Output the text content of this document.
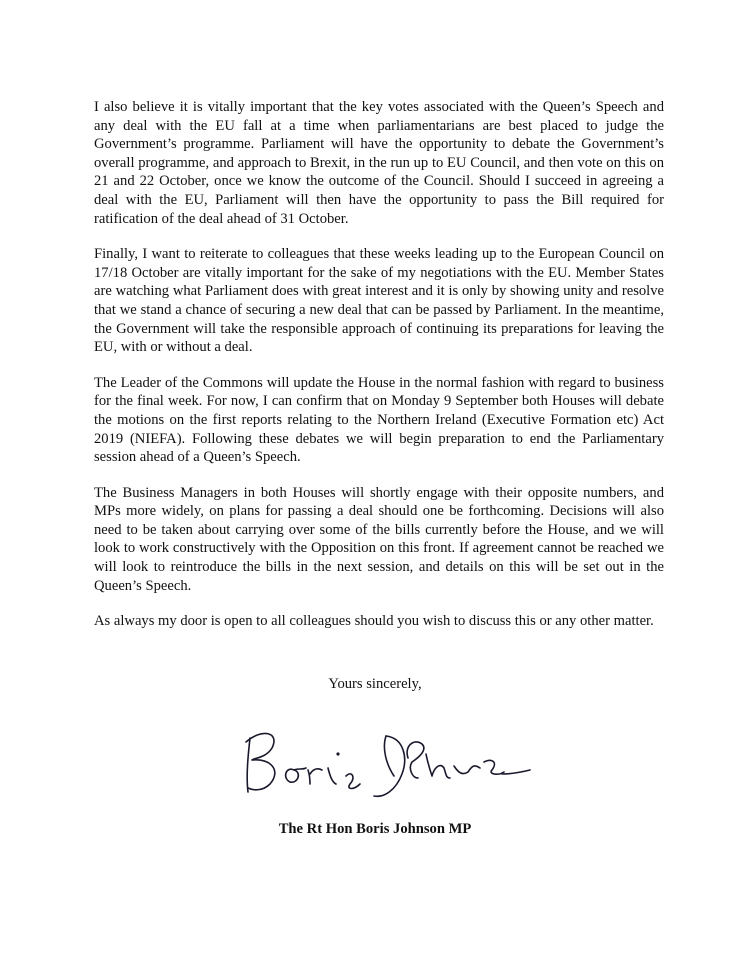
I also believe it is vitally important that the key votes associated with the Queen’s Speech and any deal with the EU fall at a time when parliamentarians are best placed to judge the Government’s programme. Parliament will have the opportunity to debate the Government’s overall programme, and approach to Brexit, in the run up to EU Council, and then vote on this on 21 and 22 October, once we know the outcome of the Council. Should I succeed in agreeing a deal with the EU, Parliament will then have the opportunity to pass the Bill required for ratification of the deal ahead of 31 October.

Finally, I want to reiterate to colleagues that these weeks leading up to the European Council on 17/18 October are vitally important for the sake of my negotiations with the EU. Member States are watching what Parliament does with great interest and it is only by showing unity and resolve that we stand a chance of securing a new deal that can be passed by Parliament. In the meantime, the Government will take the responsible approach of continuing its preparations for leaving the EU, with or without a deal.

The Leader of the Commons will update the House in the normal fashion with regard to business for the final week. For now, I can confirm that on Monday 9 September both Houses will debate the motions on the first reports relating to the Northern Ireland (Executive Formation etc) Act 2019 (NIEFA). Following these debates we will begin preparation to end the Parliamentary session ahead of a Queen’s Speech.

The Business Managers in both Houses will shortly engage with their opposite numbers, and MPs more widely, on plans for passing a deal should one be forthcoming. Decisions will also need to be taken about carrying over some of the bills currently before the House, and we will look to work constructively with the Opposition on this front. If agreement cannot be reached we will look to reintroduce the bills in the next session, and details on this will be set out in the Queen’s Speech.

As always my door is open to all colleagues should you wish to discuss this or any other matter.

Yours sincerely,
The Rt Hon Boris Johnson MP
